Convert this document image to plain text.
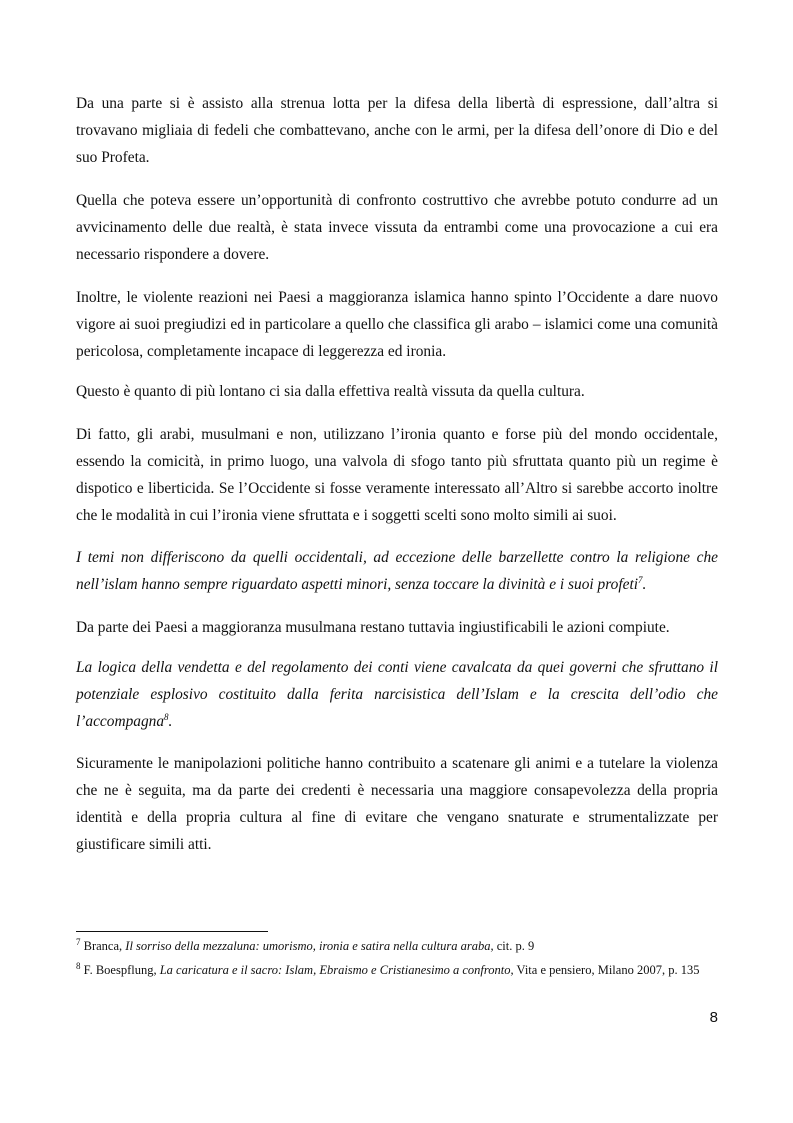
Da una parte si è assisto alla strenua lotta per la difesa della libertà di espressione, dall’altra si trovavano migliaia di fedeli che combattevano, anche con le armi, per la difesa dell’onore di Dio e del suo Profeta.

Quella che poteva essere un’opportunità di confronto costruttivo che avrebbe potuto condurre ad un avvicinamento delle due realtà, è stata invece vissuta da entrambi come una provocazione a cui era necessario rispondere a dovere.

Inoltre, le violente reazioni nei Paesi a maggioranza islamica hanno spinto l’Occidente a dare nuovo vigore ai suoi pregiudizi ed in particolare a quello che classifica gli arabo – islamici come una comunità pericolosa, completamente incapace di leggerezza ed ironia.

Questo è quanto di più lontano ci sia dalla effettiva realtà vissuta da quella cultura.

Di fatto, gli arabi, musulmani e non, utilizzano l’ironia quanto e forse più del mondo occidentale, essendo la comicità, in primo luogo, una valvola di sfogo tanto più sfruttata quanto più un regime è dispotico e liberticida. Se l’Occidente si fosse veramente interessato all’Altro si sarebbe accorto inoltre che le modalità in cui l’ironia viene sfruttata e i soggetti scelti sono molto simili ai suoi.

I temi non differiscono da quelli occidentali, ad eccezione delle barzellette contro la religione che nell’islam hanno sempre riguardato aspetti minori, senza toccare la divinità e i suoi profeti$^7$.

Da parte dei Paesi a maggioranza musulmana restano tuttavia ingiustificabili le azioni compiute.

La logica della vendetta e del regolamento dei conti viene cavalcata da quei governi che sfruttano il potenziale esplosivo costituito dalla ferita narcisistica dell’Islam e la crescita dell’odio che l’accompagna$^8$.

Sicuramente le manipolazioni politiche hanno contribuito a scatenare gli animi e a tutelare la violenza che ne è seguita, ma da parte dei credenti è necessaria una maggiore consapevolezza della propria identità e della propria cultura al fine di evitare che vengano snaturate e strumentalizzate per giustificare simili atti.

$^7$ Branca, Il sorriso della mezzaluna: umorismo, ironia e satira nella cultura araba, cit. p. 9

$^8$ F. Boespflung, La caricatura e il sacro: Islam, Ebraismo e Cristianesimo a confronto, Vita e pensiero, Milano 2007, p. 135

8
